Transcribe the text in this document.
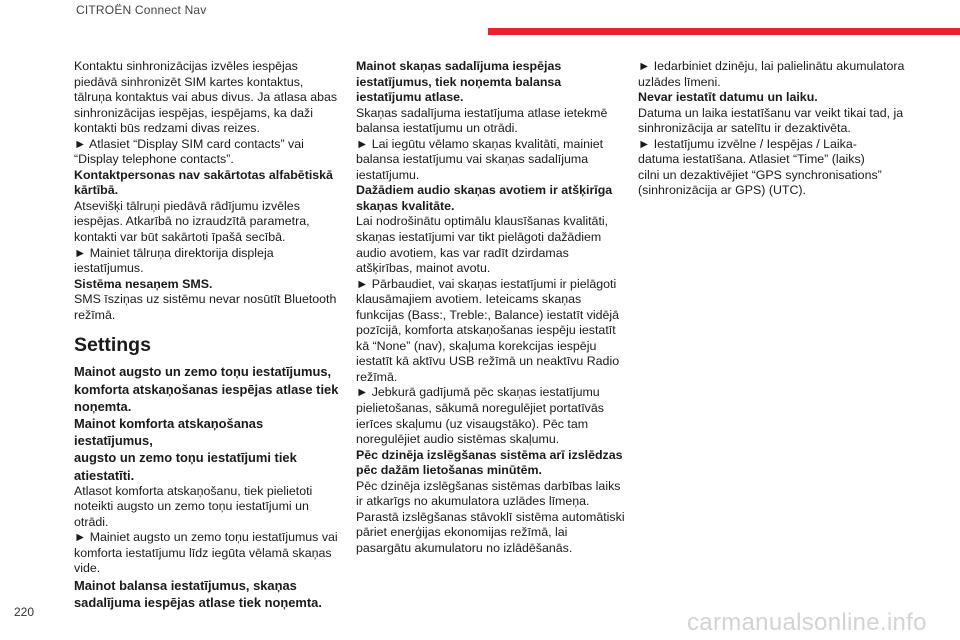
CITROËN Connect Nav

Kontaktu sinhronizācijas izvēles iespējas
piedāvā sinhronizēt SIM kartes kontaktus,
tālruņa kontaktus vai abus divus. Ja atlasa abas
sinhronizācijas iespējas, iespējams, ka daži
kontakti būs redzami divas reizes.
► Atlasiet “Display SIM card contacts” vai
“Display telephone contacts”.

Kontaktpersonas nav sakārtotas alfabētiskā
kārtībā.

Atsevišķi tālruņi piedāvā rādījumu izvēles
iespējas. Atkarībā no izraudzītā parametra,
kontakti var būt sakārtoti īpašā secībā.
► Mainiet tālruņa direktorija displeja
iestatījumus.

Sistēma nesaņem SMS.

SMS īsziņas uz sistēmu nevar nosūtīt Bluetooth
režīmā.

Settings

Mainot augsto un zemo toņu iestatījumus,
komforta atskaņošanas iespējas atlase tiek
noņemta.

Mainot komforta atskaņošanas iestatījumus,
augsto un zemo toņu iestatījumi tiek
atiestatīti.

Atlasot komforta atskaņošanu, tiek pielietoti
noteikti augsto un zemo toņu iestatījumi un
otrādi.
► Mainiet augsto un zemo toņu iestatījumus vai
komforta iestatījumu līdz iegūta vēlamā skaņas
vide.

Mainot balansa iestatījumus, skaņas
sadalījuma iespējas atlase tiek noņemta.

Mainot skaņas sadalījuma iespējas
iestatījumus, tiek noņemta balansa
iestatījumu atlase.

Skaņas sadalījuma iestatījuma atlase ietekmē
balansa iestatījumu un otrādi.
► Lai iegūtu vēlamo skaņas kvalitāti, mainiet
balansa iestatījumu vai skaņas sadalījuma
iestatījumu.

Dažādiem audio skaņas avotiem ir atšķirīga
skaņas kvalitāte.

Lai nodrošinātu optimālu klausīšanas kvalitāti,
skaņas iestatījumi var tikt pielāgoti dažādiem
audio avotiem, kas var radīt dzirdamas
atšķirības, mainot avotu.
► Pārbaudiet, vai skaņas iestatījumi ir pielāgoti
klausāmajiem avotiem. Ieteicams skaņas
funkcijas (Bass:, Treble:, Balance) iestatīt vidējā
pozīcijā, komforta atskaņošanas iespēju iestatīt
kā “None” (nav), skaļuma korekcijas iespēju
iestatīt kā aktīvu USB režīmā un neaktīvu Radio
režīmā.
► Jebkurā gadījumā pēc skaņas iestatījumu
pielietošanas, sākumā noregulējiet portatīvās
ierīces skaļumu (uz visaugstāko). Pēc tam
noregulējiet audio sistēmas skaļumu.

Pēc dzinēja izslēgšanas sistēma arī izslēdzas
pēc dažām lietošanas minūtēm.

Pēc dzinēja izslēgšanas sistēmas darbības laiks
ir atkarīgs no akumulatora uzlādes līmeņa.
Parastā izslēgšanas stāvoklī sistēma automātiski
pāriet enerģijas ekonomijas režīmā, lai
pasargātu akumulatoru no izlādēšanās.

► Iedarbiniet dzinēju, lai palielinātu akumulatora
uzlādes līmeni.

Nevar iestatīt datumu un laiku.

Datuma un laika iestatīšanu var veikt tikai tad, ja
sinhronizācija ar satelītu ir dezaktivēta.
► Iestatījumu izvēlne / Iespējas / Laika-
datuma iestatīšana. Atlasiet “Time” (laiks)
cilni un dezaktivējiet “GPS synchronisations”
(sinhronizācija ar GPS) (UTC).

220	carmanualsonline.info
